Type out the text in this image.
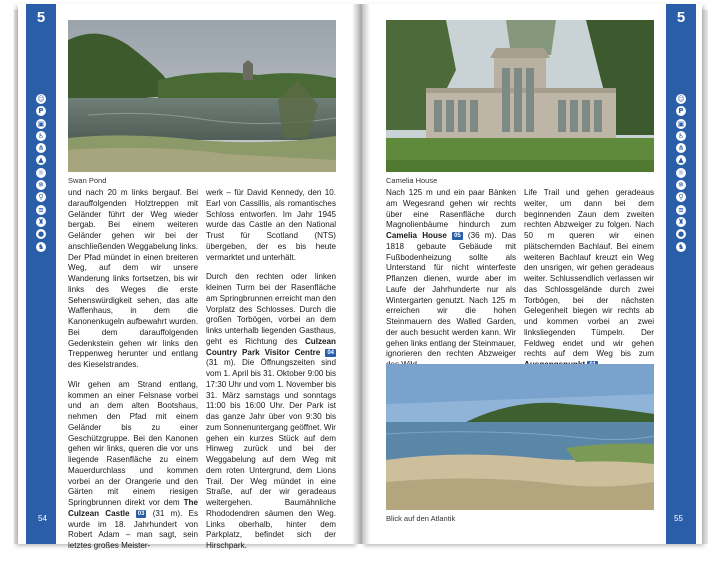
5
☺
P
▣
♿
⋔
▲
☼
❄
⚲
≡
♜
●
♞
54
Swan Pond

und nach 20 m links bergauf. Bei darauffolgenden Holztreppen mit Geländer führt der Weg wieder bergab. Bei einem weiteren Geländer gehen wir bei der anschließenden Weggabelung links. Der Pfad mündet in einen breiteren Weg, auf dem wir unsere Wanderung links fortsetzen, bis wir links des Weges die erste Sehenswürdigkeit sehen, das alte Waffenhaus, in dem die Kanonenkugeln aufbewahrt wurden. Bei dem darauffolgenden Gedenkstein gehen wir links den Treppenweg herunter und entlang des Kieselstrandes.

Wir gehen am Strand entlang, kommen an einer Felsnase vorbei und an dem alten Bootshaus, nehmen den Pfad mit einem Geländer bis zu einer Geschützgruppe. Bei den Kanonen gehen wir links, queren die vor uns liegende Rasenfläche zu einem Mauerdurchlass und kommen vorbei an der Orangerie und den Gärten mit einem riesigen Springbrunnen direkt vor dem The Culzean Castle 03 (31 m). Es wurde im 18. Jahrhundert von Robert Adam – man sagt, sein letztes großes Meister-

werk – für David Kennedy, den 10. Earl von Cassillis, als romantisches Schloss entworfen. Im Jahr 1945 wurde das Castle an den National Trust für Scotland (NTS) übergeben, der es bis heute vermarktet und unterhält.

Durch den rechten oder linken kleinen Turm bei der Rasenfläche am Springbrunnen erreicht man den Vorplatz des Schlosses. Durch die großen Torbögen, vorbei an dem links unterhalb liegenden Gasthaus, geht es Richtung des Culzean Country Park Visitor Centre 04 (31 m). Die Öffnungszeiten sind vom 1. April bis 31. Oktober 9:00 bis 17:30 Uhr und vom 1. November bis 31. März samstags und sonntags 11:00 bis 16:00 Uhr. Der Park ist das ganze Jahr über von 9:30 bis zum Sonnenuntergang geöffnet. Wir gehen ein kurzes Stück auf dem Hinweg zurück und bei der Weggabelung auf dem Weg mit dem roten Untergrund, dem Lions Trail. Der Weg mündet in eine Straße, auf der wir geradeaus weitergehen. Baumähnliche Rhododendren säumen den Weg. Links oberhalb, hinter dem Parkplatz, befindet sich der Hirschpark.

5
☺
P
▣
♿
⋔
▲
☼
❄
⚲
≡
♜
●
♞
55
Camelia House

Nach 125 m und ein paar Bänken am Wegesrand gehen wir rechts über eine Rasenfläche durch Magnolienbäume hindurch zum Camelia House 05 (36 m). Das 1818 gebaute Gebäude mit Fußbodenheizung sollte als Unterstand für nicht winterfeste Pflanzen dienen, wurde aber im Laufe der Jahrhunderte nur als Wintergarten genutzt. Nach 125 m erreichen wir die hohen Steinmauern des Walled Garden, der auch besucht werden kann. Wir gehen links entlang der Steinmauer, ignorieren den rechten Abzweiger

Life Trail und gehen geradeaus weiter, um dann bei dem beginnenden Zaun dem zweiten rechten Abzweiger zu folgen. Nach 50 m queren wir einen plätschernden Bachlauf. Bei einem weiteren Bachlauf kreuzt ein Weg den unsrigen, wir gehen geradeaus weiter. Schlussendlich verlassen wir das Schlossgelände durch zwei Torbögen, bei der nächsten Gelegenheit biegen wir rechts ab und kommen vorbei an zwei linksliegenden Tümpeln. Der Feldweg endet und wir gehen rechts auf dem Weg bis zum

Blick auf den Atlantik
